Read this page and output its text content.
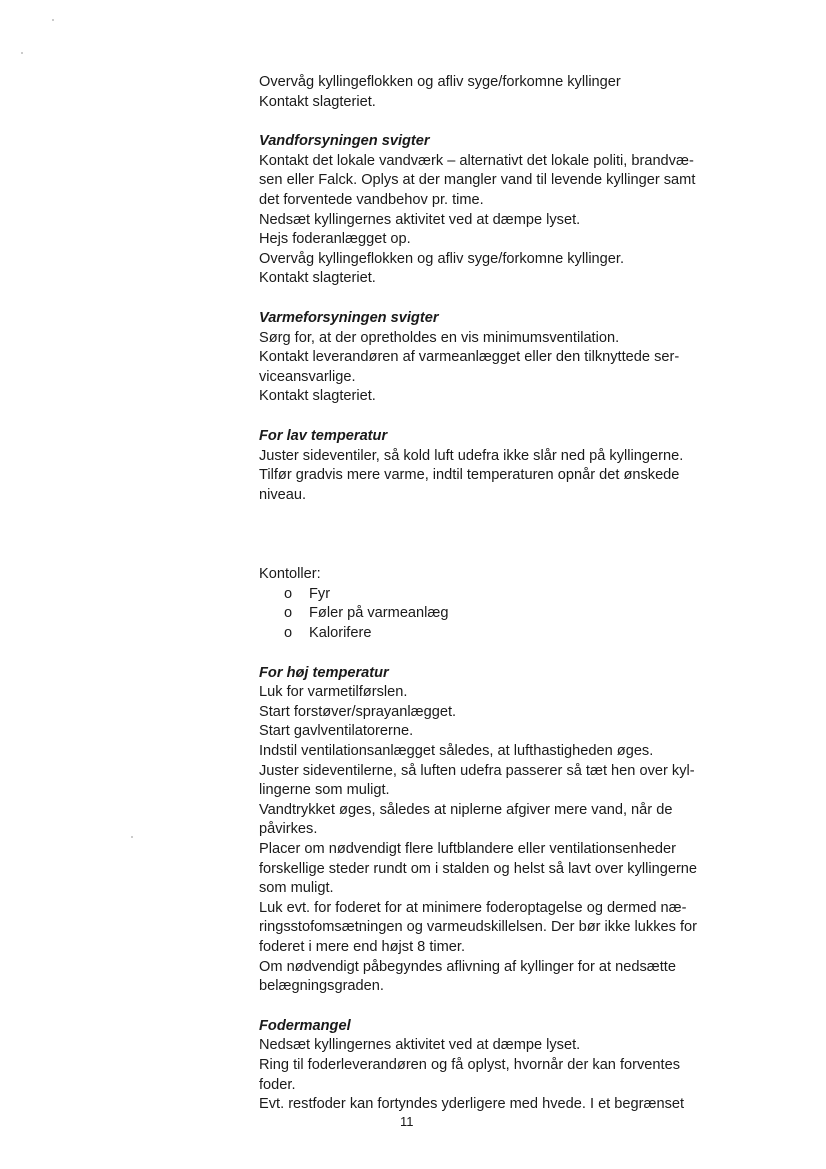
Overvåg kyllingeflokken og afliv syge/forkomne kyllinger
Kontakt slagteriet.
Vandforsyningen svigter
Kontakt det lokale vandværk – alternativt det lokale politi, brandvæ-
sen eller Falck. Oplys at der mangler vand til levende kyllinger samt
det forventede vandbehov pr. time.
Nedsæt kyllingernes aktivitet ved at dæmpe lyset.
Hejs foderanlægget op.
Overvåg kyllingeflokken og afliv syge/forkomne kyllinger.
Kontakt slagteriet.
Varmeforsyningen svigter
Sørg for, at der opretholdes en vis minimumsventilation.
Kontakt leverandøren af varmeanlægget eller den tilknyttede ser-
viceansvarlige.
Kontakt slagteriet.
For lav temperatur
Juster sideventiler, så kold luft udefra ikke slår ned på kyllingerne.
Tilfør gradvis mere varme, indtil temperaturen opnår det ønskede
niveau.
Kontoller:
o Fyr
o Føler på varmeanlæg
o Kalorifere
For høj temperatur
Luk for varmetilførslen.
Start forstøver/sprayanlægget.
Start gavlventilatorerne.
Indstil ventilationsanlægget således, at lufthastigheden øges.
Juster sideventilerne, så luften udefra passerer så tæt hen over kyl-
lingerne som muligt.
Vandtrykket øges, således at niplerne afgiver mere vand, når de
påvirkes.
Placer om nødvendigt flere luftblandere eller ventilationsenheder
forskellige steder rundt om i stalden og helst så lavt over kyllingerne
som muligt.
Luk evt. for foderet for at minimere foderoptagelse og dermed næ-
ringsstofomsætningen og varmeudskillelsen. Der bør ikke lukkes for
foderet i mere end højst 8 timer.
Om nødvendigt påbegyndes aflivning af kyllinger for at nedsætte
belægningsgraden.
Fodermangel
Nedsæt kyllingernes aktivitet ved at dæmpe lyset.
Ring til foderleverandøren og få oplyst, hvornår der kan forventes
foder.
Evt. restfoder kan fortyndes yderligere med hvede. I et begrænset
11
